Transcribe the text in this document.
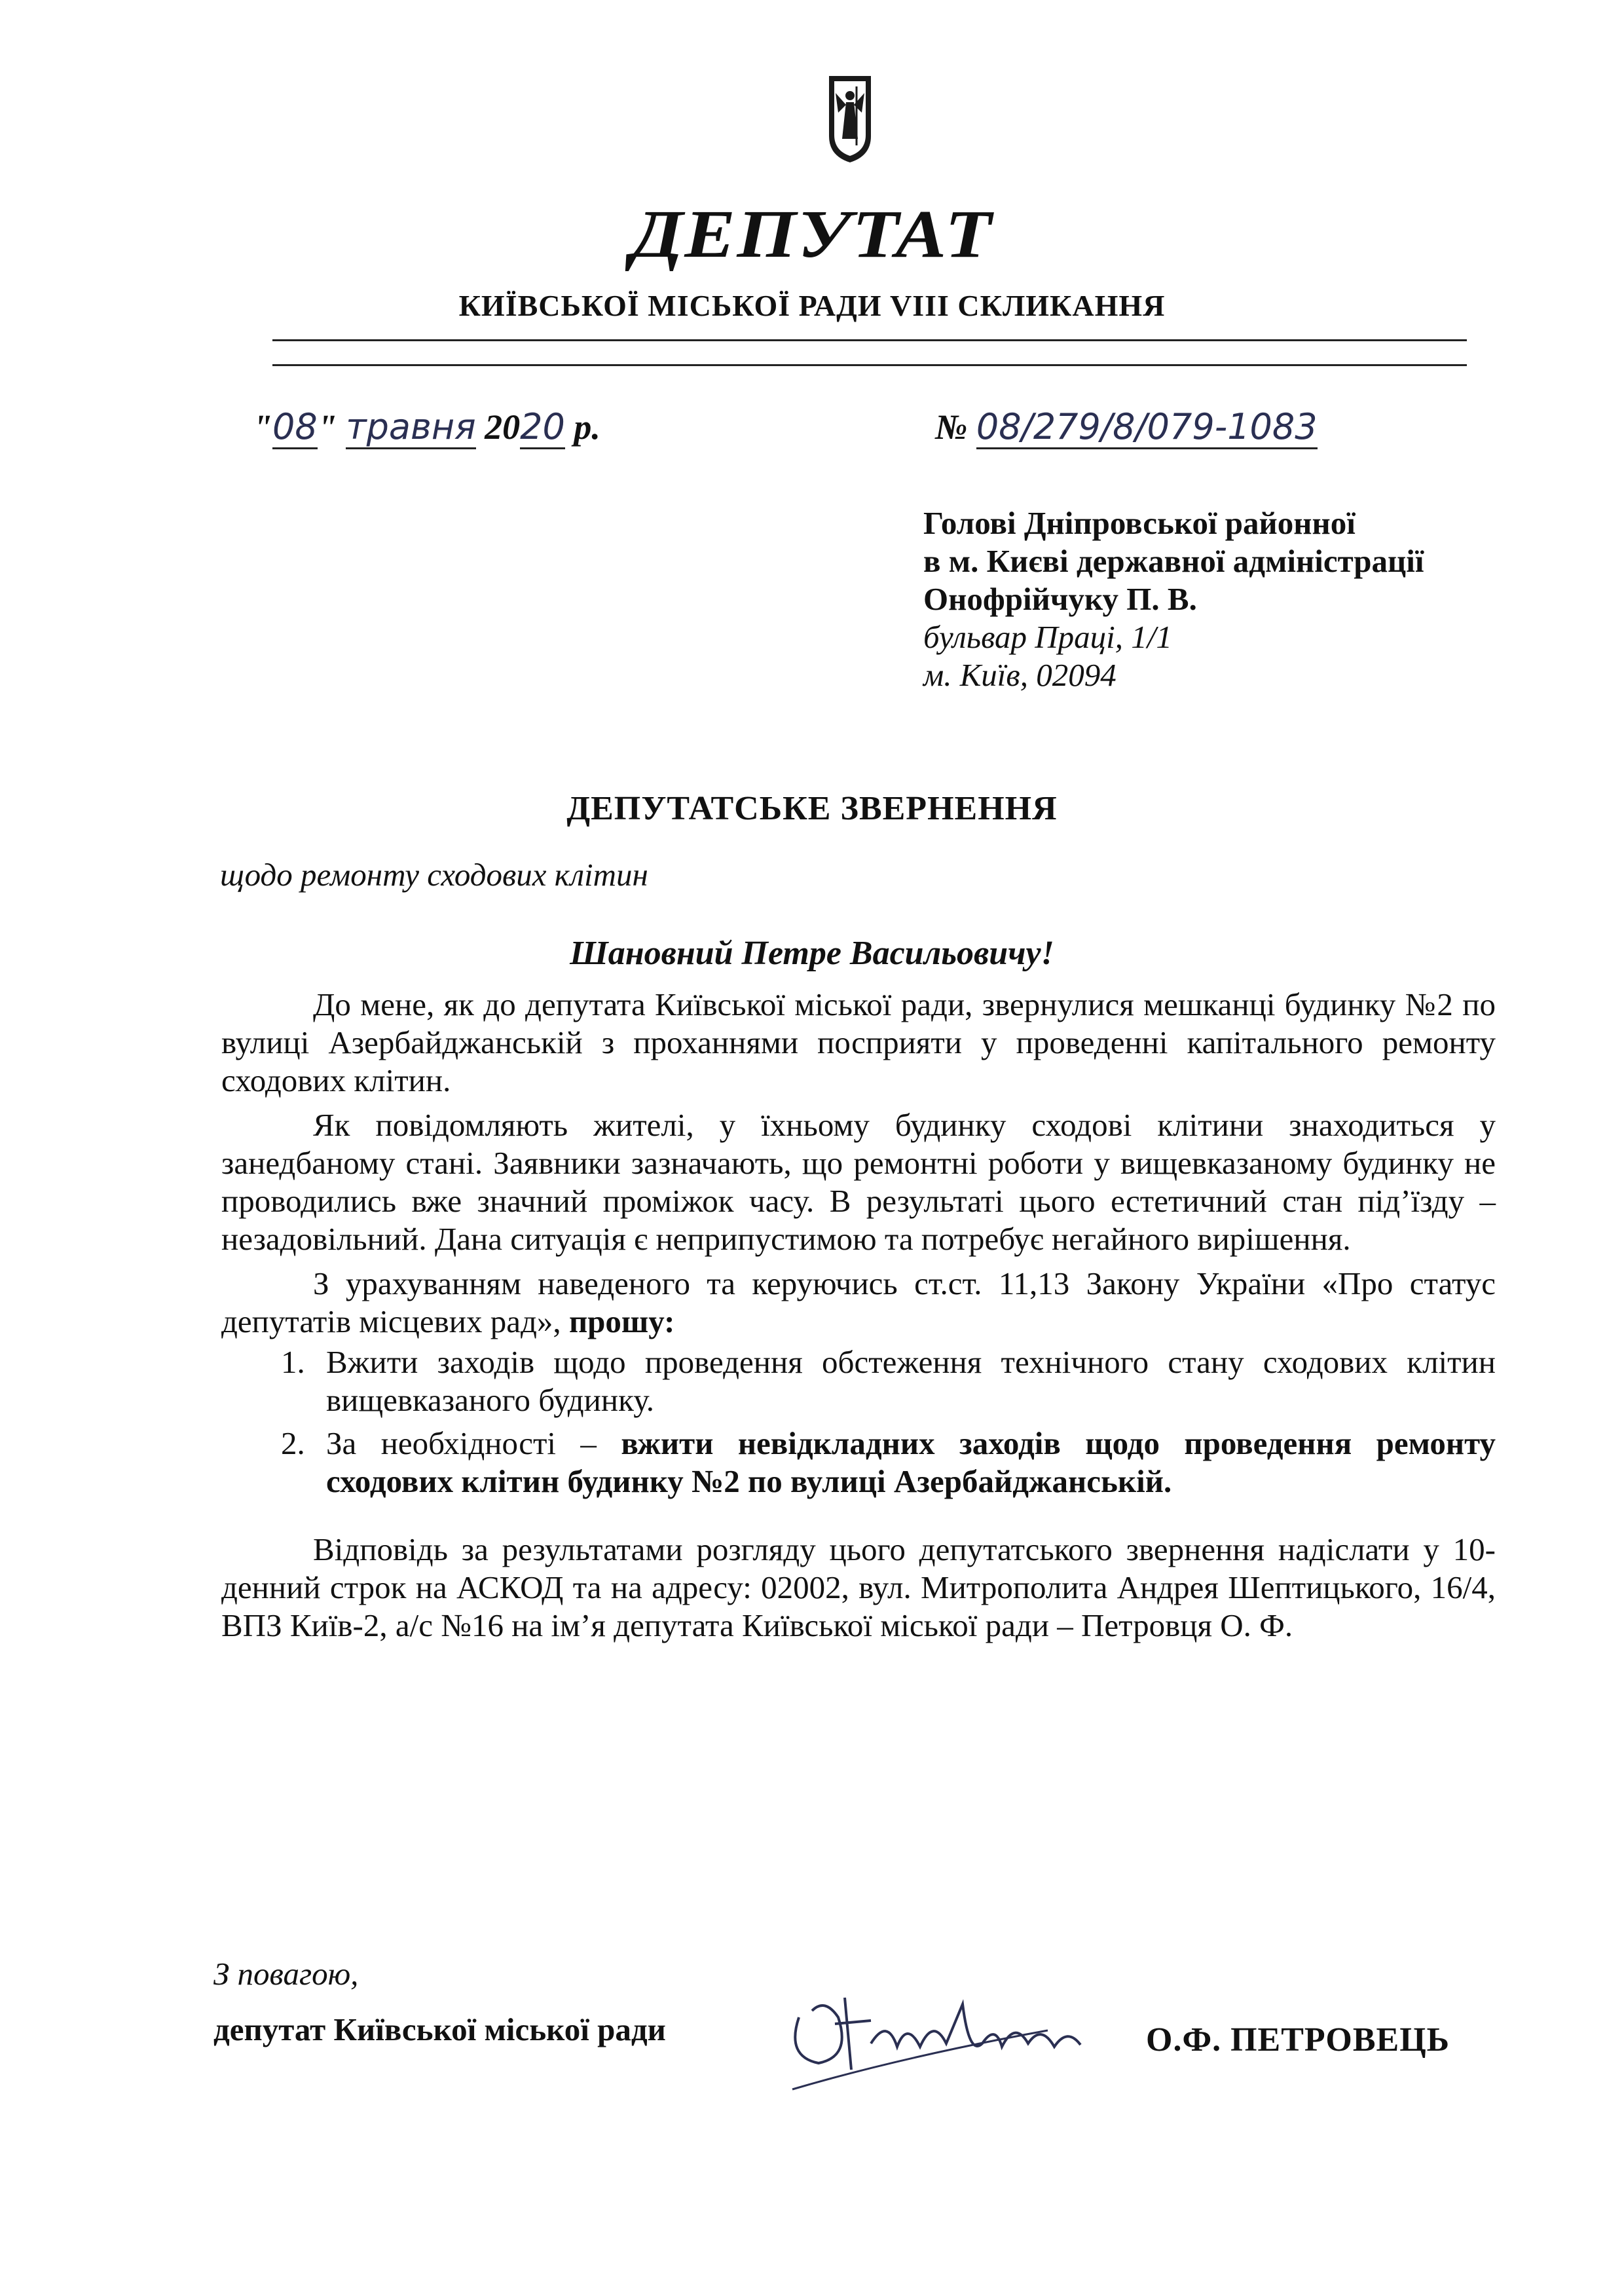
ДЕПУТАТ
КИЇВСЬКОЇ МІСЬКОЇ РАДИ VIII СКЛИКАННЯ
"08" травня 2020 р.	№ 08/279/8/079-1083
Голові Дніпровської районної
в м. Києві державної адміністрації
Онофрійчуку П. В.
бульвар Праці, 1/1
м. Київ, 02094
ДЕПУТАТСЬКЕ ЗВЕРНЕННЯ
щодо ремонту сходових клітин
Шановний Петре Васильовичу!

До мене, як до депутата Київської міської ради, звернулися мешканці будинку №2 по вулиці Азербайджанській з проханнями посприяти у проведенні капітального ремонту сходових клітин.

Як повідомляють жителі, у їхньому будинку сходові клітини знаходиться у занедбаному стані. Заявники зазначають, що ремонтні роботи у вищевказаному будинку не проводились вже значний проміжок часу. В результаті цього естетичний стан під’їзду – незадовільний. Дана ситуація є неприпустимою та потребує негайного вирішення.

З урахуванням наведеного та керуючись ст.ст. 11,13 Закону України «Про статус депутатів місцевих рад», прошу:

1. Вжити заходів щодо проведення обстеження технічного стану сходових клітин вищевказаного будинку.
2. За необхідності – вжити невідкладних заходів щодо проведення ремонту сходових клітин будинку №2 по вулиці Азербайджанській.

Відповідь за результатами розгляду цього депутатського звернення надіслати у 10-денний строк на АСКОД та на адресу: 02002, вул. Митрополита Андрея Шептицького, 16/4, ВПЗ Київ-2, а/с №16 на ім’я депутата Київської міської ради – Петровця О. Ф.

З повагою,
депутат Київської міської ради	О.Ф. ПЕТРОВЕЦЬ
